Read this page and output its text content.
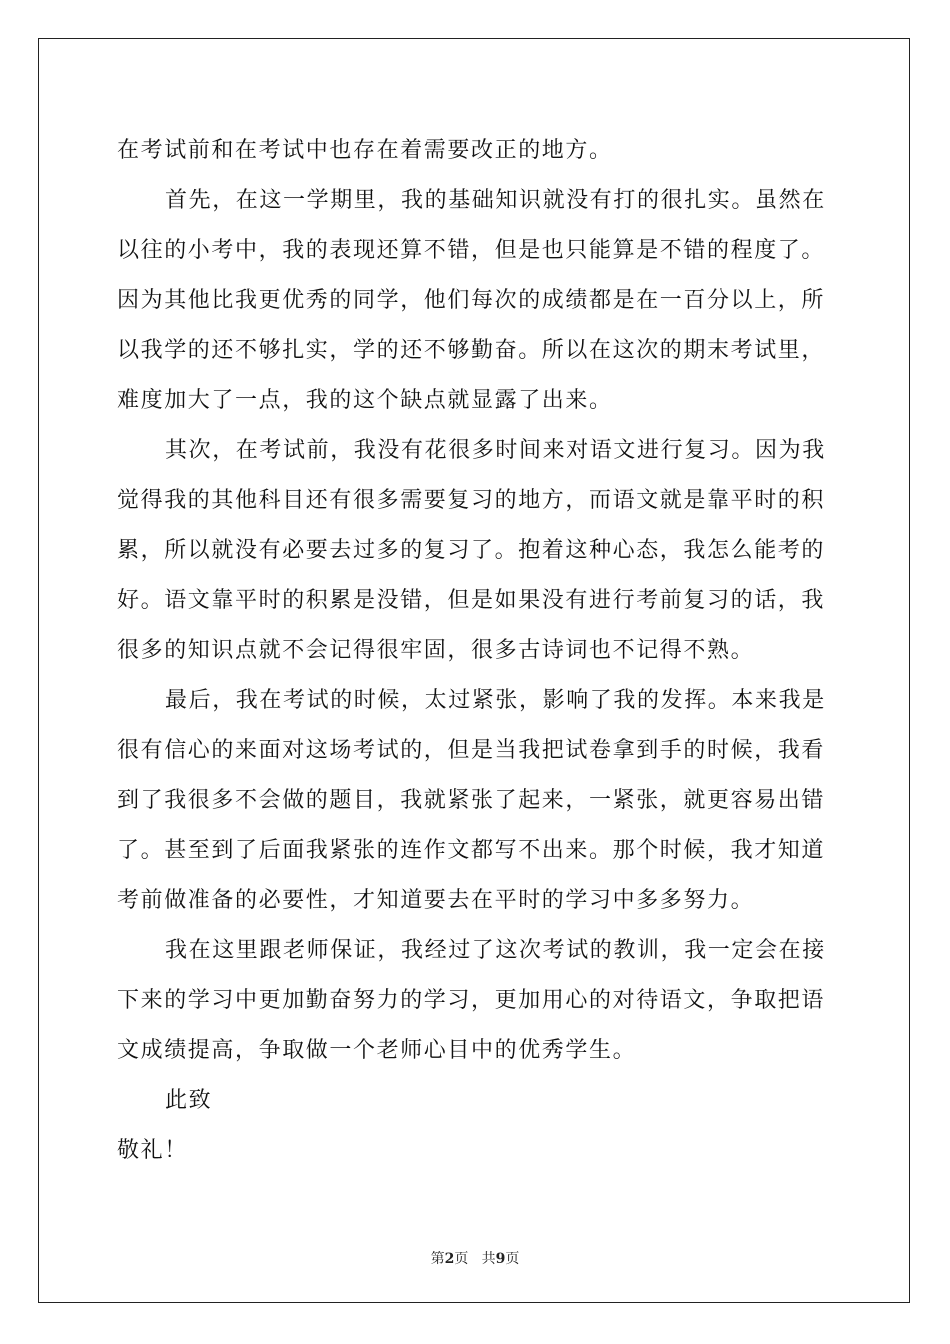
在考试前和在考试中也存在着需要改正的地方。
首先，在这一学期里，我的基础知识就没有打的很扎实。虽然在
以往的小考中，我的表现还算不错，但是也只能算是不错的程度了。
因为其他比我更优秀的同学，他们每次的成绩都是在一百分以上，所
以我学的还不够扎实，学的还不够勤奋。所以在这次的期末考试里，
难度加大了一点，我的这个缺点就显露了出来。
其次，在考试前，我没有花很多时间来对语文进行复习。因为我
觉得我的其他科目还有很多需要复习的地方，而语文就是靠平时的积
累，所以就没有必要去过多的复习了。抱着这种心态，我怎么能考的
好。语文靠平时的积累是没错，但是如果没有进行考前复习的话，我
很多的知识点就不会记得很牢固，很多古诗词也不记得不熟。
最后，我在考试的时候，太过紧张，影响了我的发挥。本来我是
很有信心的来面对这场考试的，但是当我把试卷拿到手的时候，我看
到了我很多不会做的题目，我就紧张了起来，一紧张，就更容易出错
了。甚至到了后面我紧张的连作文都写不出来。那个时候，我才知道
考前做准备的必要性，才知道要去在平时的学习中多多努力。
我在这里跟老师保证，我经过了这次考试的教训，我一定会在接
下来的学习中更加勤奋努力的学习，更加用心的对待语文，争取把语
文成绩提高，争取做一个老师心目中的优秀学生。
此致
敬礼！
第2页 共9页
